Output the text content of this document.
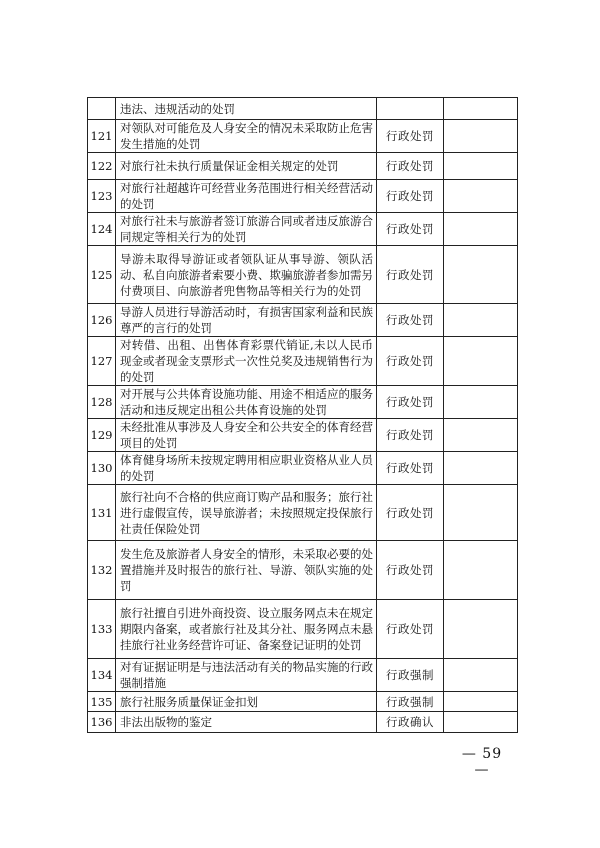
	违法、违规活动的处罚		
121	对领队对可能危及人身安全的情况未采取防止危害发生措施的处罚	行政处罚	
122	对旅行社未执行质量保证金相关规定的处罚	行政处罚	
123	对旅行社超越许可经营业务范围进行相关经营活动的处罚	行政处罚	
124	对旅行社未与旅游者签订旅游合同或者违反旅游合同规定等相关行为的处罚	行政处罚	
125	导游未取得导游证或者领队证从事导游、领队活动、私自向旅游者索要小费、欺骗旅游者参加需另付费项目、向旅游者兜售物品等相关行为的处罚	行政处罚	
126	导游人员进行导游活动时，有损害国家利益和民族尊严的言行的处罚	行政处罚	
127	对转借、出租、出售体育彩票代销证,未以人民币现金或者现金支票形式一次性兑奖及违规销售行为的处罚	行政处罚	
128	对开展与公共体育设施功能、用途不相适应的服务活动和违反规定出租公共体育设施的处罚	行政处罚	
129	未经批准从事涉及人身安全和公共安全的体育经营项目的处罚	行政处罚	
130	体育健身场所未按规定聘用相应职业资格从业人员的处罚	行政处罚	
131	旅行社向不合格的供应商订购产品和服务；旅行社进行虚假宣传，误导旅游者；未按照规定投保旅行社责任保险处罚	行政处罚	
132	发生危及旅游者人身安全的情形，未采取必要的处置措施并及时报告的旅行社、导游、领队实施的处罚	行政处罚	
133	旅行社擅自引进外商投资、设立服务网点未在规定期限内备案，或者旅行社及其分社、服务网点未悬挂旅行社业务经营许可证、备案登记证明的处罚	行政处罚	
134	对有证据证明是与违法活动有关的物品实施的行政强制措施	行政强制	
135	旅行社服务质量保证金扣划	行政强制	
136	非法出版物的鉴定	行政确认	
— 59 —
